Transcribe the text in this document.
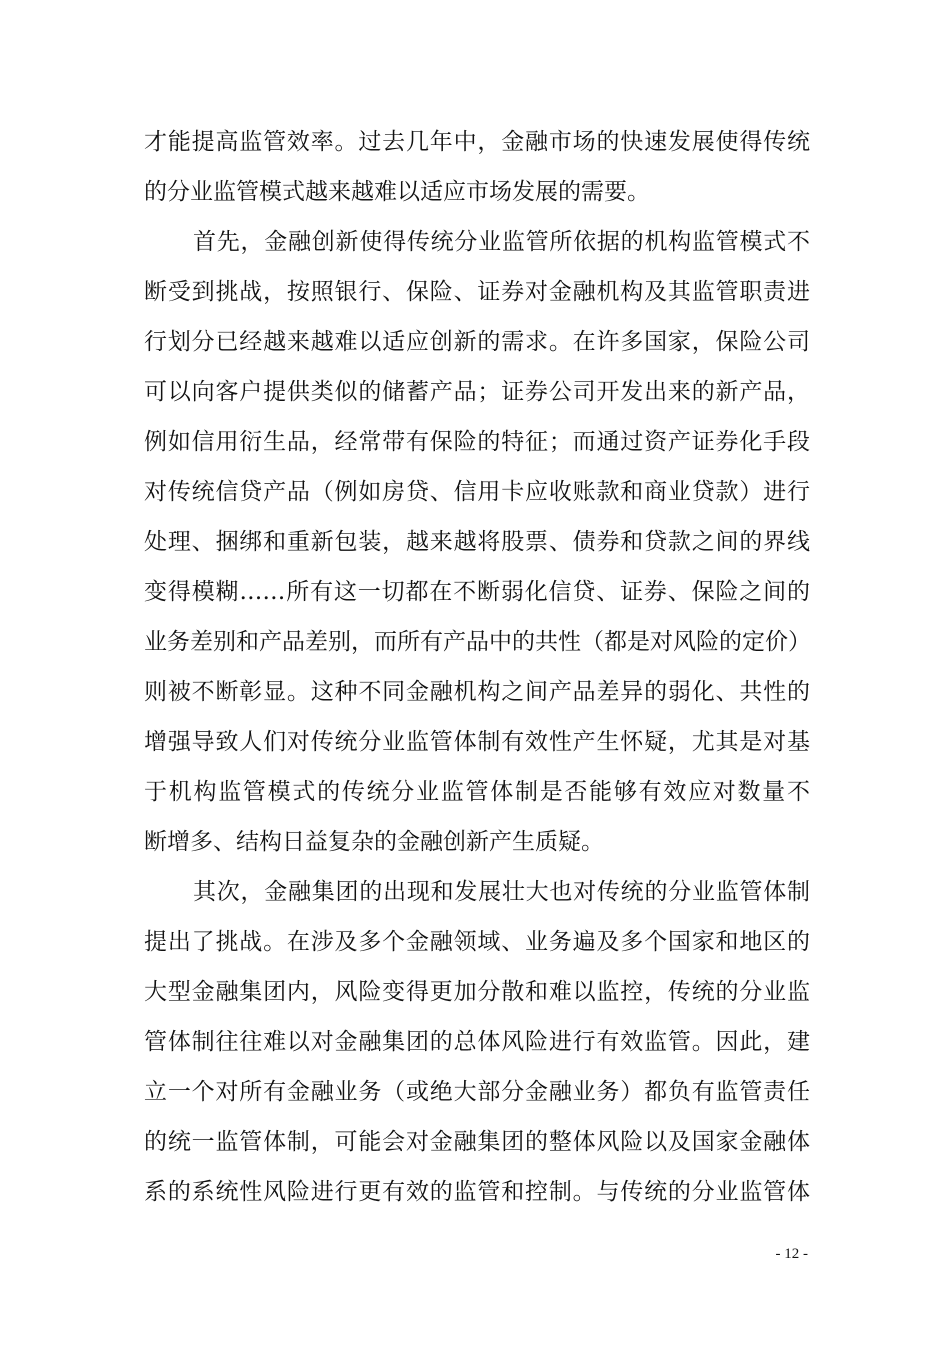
才能提高监管效率。过去几年中，金融市场的快速发展使得传统
的分业监管模式越来越难以适应市场发展的需要。
首先，金融创新使得传统分业监管所依据的机构监管模式不
断受到挑战，按照银行、保险、证券对金融机构及其监管职责进
行划分已经越来越难以适应创新的需求。在许多国家，保险公司
可以向客户提供类似的储蓄产品；证券公司开发出来的新产品，
例如信用衍生品，经常带有保险的特征；而通过资产证券化手段
对传统信贷产品（例如房贷、信用卡应收账款和商业贷款）进行
处理、捆绑和重新包装，越来越将股票、债券和贷款之间的界线
变得模糊……所有这一切都在不断弱化信贷、证券、保险之间的
业务差别和产品差别，而所有产品中的共性（都是对风险的定价）
则被不断彰显。这种不同金融机构之间产品差异的弱化、共性的
增强导致人们对传统分业监管体制有效性产生怀疑，尤其是对基
于机构监管模式的传统分业监管体制是否能够有效应对数量不
断增多、结构日益复杂的金融创新产生质疑。
其次，金融集团的出现和发展壮大也对传统的分业监管体制
提出了挑战。在涉及多个金融领域、业务遍及多个国家和地区的
大型金融集团内，风险变得更加分散和难以监控，传统的分业监
管体制往往难以对金融集团的总体风险进行有效监管。因此，建
立一个对所有金融业务（或绝大部分金融业务）都负有监管责任
的统一监管体制，可能会对金融集团的整体风险以及国家金融体
系的系统性风险进行更有效的监管和控制。与传统的分业监管体
- 12 -
